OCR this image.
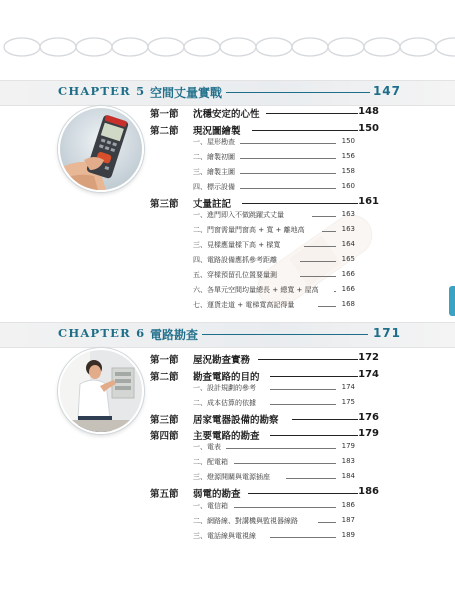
CHAPTER 5 空間丈量實戰	147
第一節 沈穩安定的心性	148
第二節 現況圖繪製	150
一、屋形勘查	150
二、繪製初圖	156
三、繪製主圖	158
四、標示設備	160
第三節 丈量註記	161
一、進門即入不做跳躍式丈量	163
二、門窗需量門窗高 + 寬 + 離地高	163
三、見樑應量樑下高 + 樑寬	164
四、電路設備應抓參考距離	165
五、穿樑預留孔位置要量測	166
六、各單元空間均量總長 + 總寬 + 屋高	166
七、運貨走道 + 電梯寬高記得量	168
CHAPTER 6 電路勘查	171
第一節 屋況勘查實務	172
第二節 勘查電路的目的	174
一、設計規劃的參考	174
二、成本估算的依據	175
第三節 居家電器設備的勘察	176
第四節 主要電路的勘查	179
一、電表	179
二、配電箱	183
三、燈源開關與電源插座	184
第五節 弱電的勘查	186
一、電信箱	186
二、網路線、對講機與監視器線路	187
三、電話線與電視線	189
